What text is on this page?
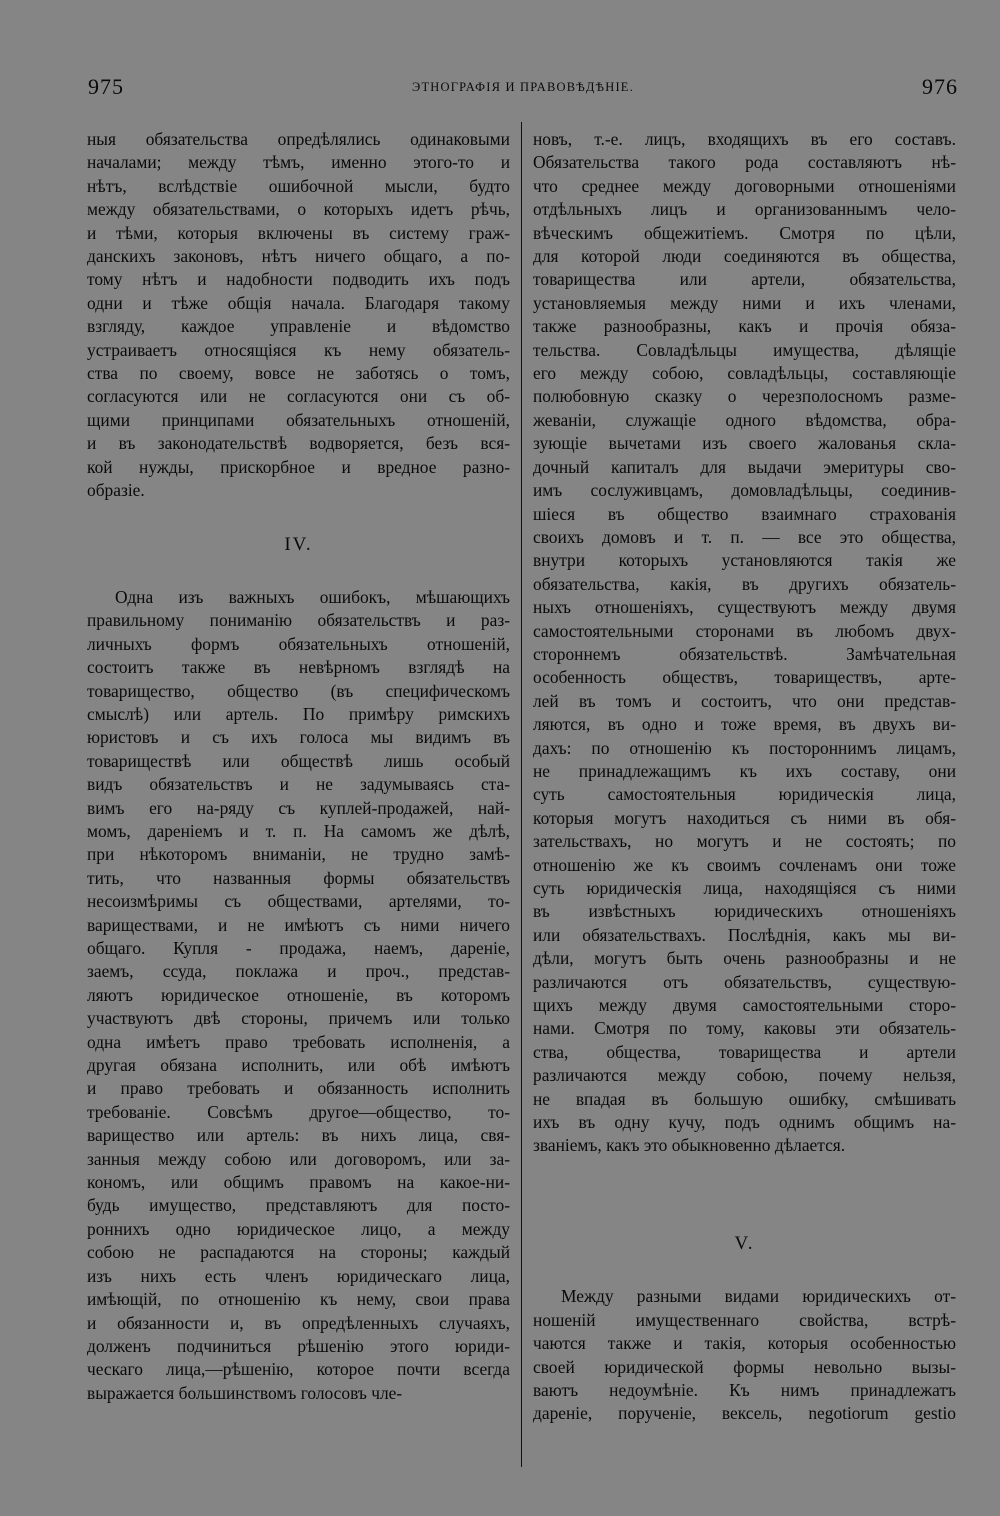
975	ЭТНОГРАФІЯ И ПРАВОВѢДѢНІЕ.	976
ныя обязательства опредѣлялись одинаковыми
началами; между тѣмъ, именно этого-то и
нѣтъ, вслѣдствіе ошибочной мысли, будто
между обязательствами, о которыхъ идетъ рѣчь,
и тѣми, которыя включены въ систему граж-
данскихъ законовъ, нѣтъ ничего общаго, а по-
тому нѣтъ и надобности подводить ихъ подъ
одни и тѣже общія начала. Благодаря такому
взгляду, каждое управленіе и вѣдомство
устраиваетъ относящіяся къ нему обязатель-
ства по своему, вовсе не заботясь о томъ,
согласуются или не согласуются они съ об-
щими принципами обязательныхъ отношеній,
и въ законодательствѣ водворяется, безъ вся-
кой нужды, прискорбное и вредное разно-
образіе.
IV.
Одна изъ важныхъ ошибокъ, мѣшающихъ
правильному пониманію обязательствъ и раз-
личныхъ формъ обязательныхъ отношеній,
состоитъ также въ невѣрномъ взглядѣ на
товарищество, общество (въ специфическомъ
смыслѣ) или артель. По примѣру римскихъ
юристовъ и съ ихъ голоса мы видимъ въ
товариществѣ или обществѣ лишь особый
видъ обязательствъ и не задумываясь ста-
вимъ его на-ряду съ куплей-продажей, най-
момъ, дареніемъ и т. п. На самомъ же дѣлѣ,
при нѣкоторомъ вниманіи, не трудно замѣ-
тить, что названныя формы обязательствъ
несоизмѣримы съ обществами, артелями, то-
вариществами, и не имѣютъ съ ними ничего
общаго. Купля - продажа, наемъ, дареніе,
заемъ, ссуда, поклажа и проч., представ-
ляютъ юридическое отношеніе, въ которомъ
участвуютъ двѣ стороны, причемъ или только
одна имѣетъ право требовать исполненія, а
другая обязана исполнить, или обѣ имѣютъ
и право требовать и обязанность исполнить
требованіе. Совсѣмъ другое—общество, то-
варищество или артель: въ нихъ лица, свя-
занныя между собою или договоромъ, или за-
кономъ, или общимъ правомъ на какое-ни-
будь имущество, представляютъ для посто-
роннихъ одно юридическое лицо, а между
собою не распадаются на стороны; каждый
изъ нихъ есть членъ юридическаго лица,
имѣющій, по отношенію къ нему, свои права
и обязанности и, въ опредѣленныхъ случаяхъ,
долженъ подчиниться рѣшенію этого юриди-
ческаго лица,—рѣшенію, которое почти всегда
выражается большинствомъ голосовъ чле-
новъ, т.-е. лицъ, входящихъ въ его составъ.
Обязательства такого рода составляютъ нѣ-
что среднее между договорными отношеніями
отдѣльныхъ лицъ и организованнымъ чело-
вѣческимъ общежитіемъ. Смотря по цѣли,
для которой люди соединяются въ общества,
товарищества или артели, обязательства,
установляемыя между ними и ихъ членами,
также разнообразны, какъ и прочія обяза-
тельства. Совладѣльцы имущества, дѣлящіе
его между собою, совладѣльцы, составляющіе
полюбовную сказку о черезполосномъ разме-
жеваніи, служащіе одного вѣдомства, обра-
зующіе вычетами изъ своего жалованья скла-
дочный капиталъ для выдачи эмеритуры сво-
имъ сослуживцамъ, домовладѣльцы, соединив-
шіеся въ общество взаимнаго страхованія
своихъ домовъ и т. п. — все это общества,
внутри которыхъ установляются такія же
обязательства, какія, въ другихъ обязатель-
ныхъ отношеніяхъ, существуютъ между двумя
самостоятельными сторонами въ любомъ двух-
стороннемъ обязательствѣ. Замѣчательная
особенность обществъ, товариществъ, арте-
лей въ томъ и состоитъ, что они представ-
ляются, въ одно и тоже время, въ двухъ ви-
дахъ: по отношенію къ постороннимъ лицамъ,
не принадлежащимъ къ ихъ составу, они
суть самостоятельныя юридическія лица,
которыя могутъ находиться съ ними въ обя-
зательствахъ, но могутъ и не состоять; по
отношенію же къ своимъ сочленамъ они тоже
суть юридическія лица, находящіяся съ ними
въ извѣстныхъ юридическихъ отношеніяхъ
или обязательствахъ. Послѣднія, какъ мы ви-
дѣли, могутъ быть очень разнообразны и не
различаются отъ обязательствъ, существую-
щихъ между двумя самостоятельными сторо-
нами. Смотря по тому, каковы эти обязатель-
ства, общества, товарищества и артели
различаются между собою, почему нельзя,
не впадая въ большую ошибку, смѣшивать
ихъ въ одну кучу, подъ однимъ общимъ на-
званіемъ, какъ это обыкновенно дѣлается.
V.
Между разными видами юридическихъ от-
ношеній имущественнаго свойства, встрѣ-
чаются также и такія, которыя особенностью
своей юридической формы невольно вызы-
ваютъ недоумѣніе. Къ нимъ принадлежатъ
дареніе, порученіе, вексель, negotiorum gestio
